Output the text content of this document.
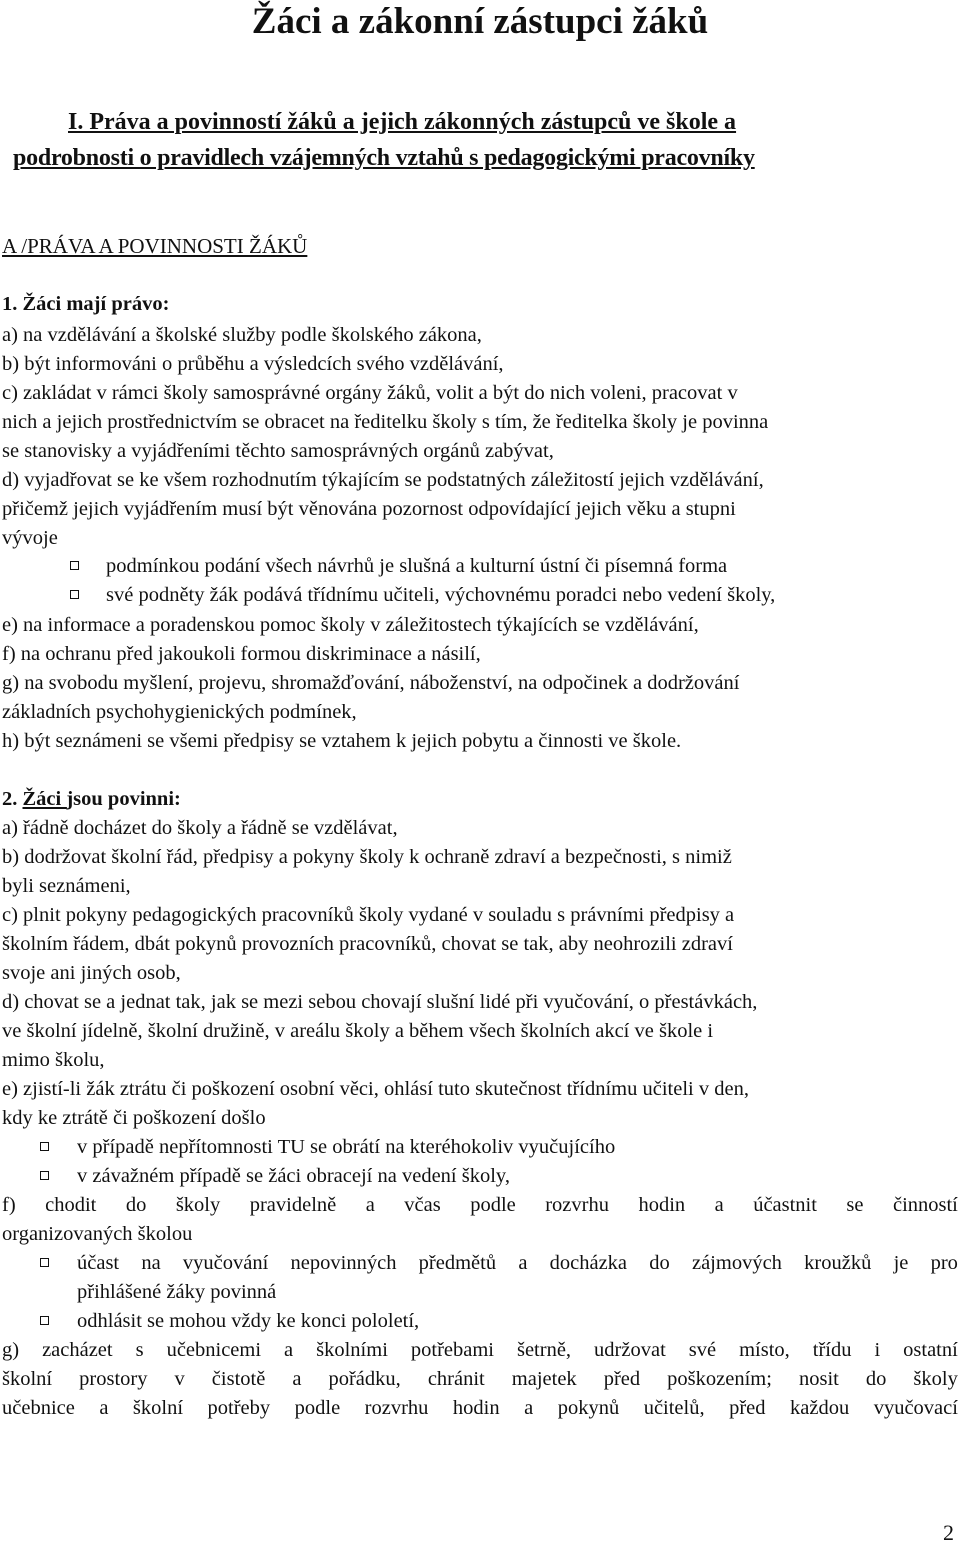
Žáci a zákonní zástupci žáků
I. Práva a povinností žáků a jejich zákonných zástupců ve škole a
podrobnosti o pravidlech vzájemných vztahů s pedagogickými pracovníky
A /PRÁVA A POVINNOSTI ŽÁKŮ
1. Žáci mají právo:
a) na vzdělávání a školské služby podle školského zákona,
b) být informováni o průběhu a výsledcích svého vzdělávání,
c) zakládat v rámci školy samosprávné orgány žáků, volit a být do nich voleni, pracovat v
nich a jejich prostřednictvím se obracet na ředitelku školy s tím, že ředitelka školy je povinna
se stanovisky a vyjádřeními těchto samosprávných orgánů zabývat,
d) vyjadřovat se ke všem rozhodnutím týkajícím se podstatných záležitostí jejich vzdělávání,
přičemž jejich vyjádřením musí být věnována pozornost odpovídající jejich věku a stupni
vývoje
podmínkou podání všech návrhů je slušná a kulturní ústní či písemná forma
své podněty žák podává třídnímu učiteli, výchovnému poradci nebo vedení školy,
e) na informace a poradenskou pomoc školy v záležitostech týkajících se vzdělávání,
f) na ochranu před jakoukoli formou diskriminace a násilí,
g) na svobodu myšlení, projevu, shromažďování, náboženství, na odpočinek a dodržování
základních psychohygienických podmínek,
h) být seznámeni se všemi předpisy se vztahem k jejich pobytu a činnosti ve škole.
2. Žáci jsou povinni:
a) řádně docházet do školy a řádně se vzdělávat,
b) dodržovat školní řád, předpisy a pokyny školy k ochraně zdraví a bezpečnosti, s nimiž
byli seznámeni,
c) plnit pokyny pedagogických pracovníků školy vydané v souladu s právními předpisy a
školním řádem, dbát pokynů provozních pracovníků, chovat se tak, aby neohrozili zdraví
svoje ani jiných osob,
d) chovat se a jednat tak, jak se mezi sebou chovají slušní lidé při vyučování, o přestávkách,
ve školní jídelně, školní družině, v areálu školy a během všech školních akcí ve škole i
mimo školu,
e) zjistí-li žák ztrátu či poškození osobní věci, ohlásí tuto skutečnost třídnímu učiteli v den,
kdy ke ztrátě či poškození došlo
v případě nepřítomnosti TU se obrátí na kteréhokoliv vyučujícího
v závažném případě se žáci obracejí na vedení školy,
f) chodit do školy pravidelně a včas podle rozvrhu hodin a účastnit se činností
organizovaných školou
účast na vyučování nepovinných předmětů a docházka do zájmových kroužků je pro
přihlášené žáky povinná
odhlásit se mohou vždy ke konci pololetí,
g) zacházet s učebnicemi a školními potřebami šetrně, udržovat své místo, třídu i ostatní
školní prostory v čistotě a pořádku, chránit majetek před poškozením; nosit do školy
učebnice a školní potřeby podle rozvrhu hodin a pokynů učitelů, před každou vyučovací
2
